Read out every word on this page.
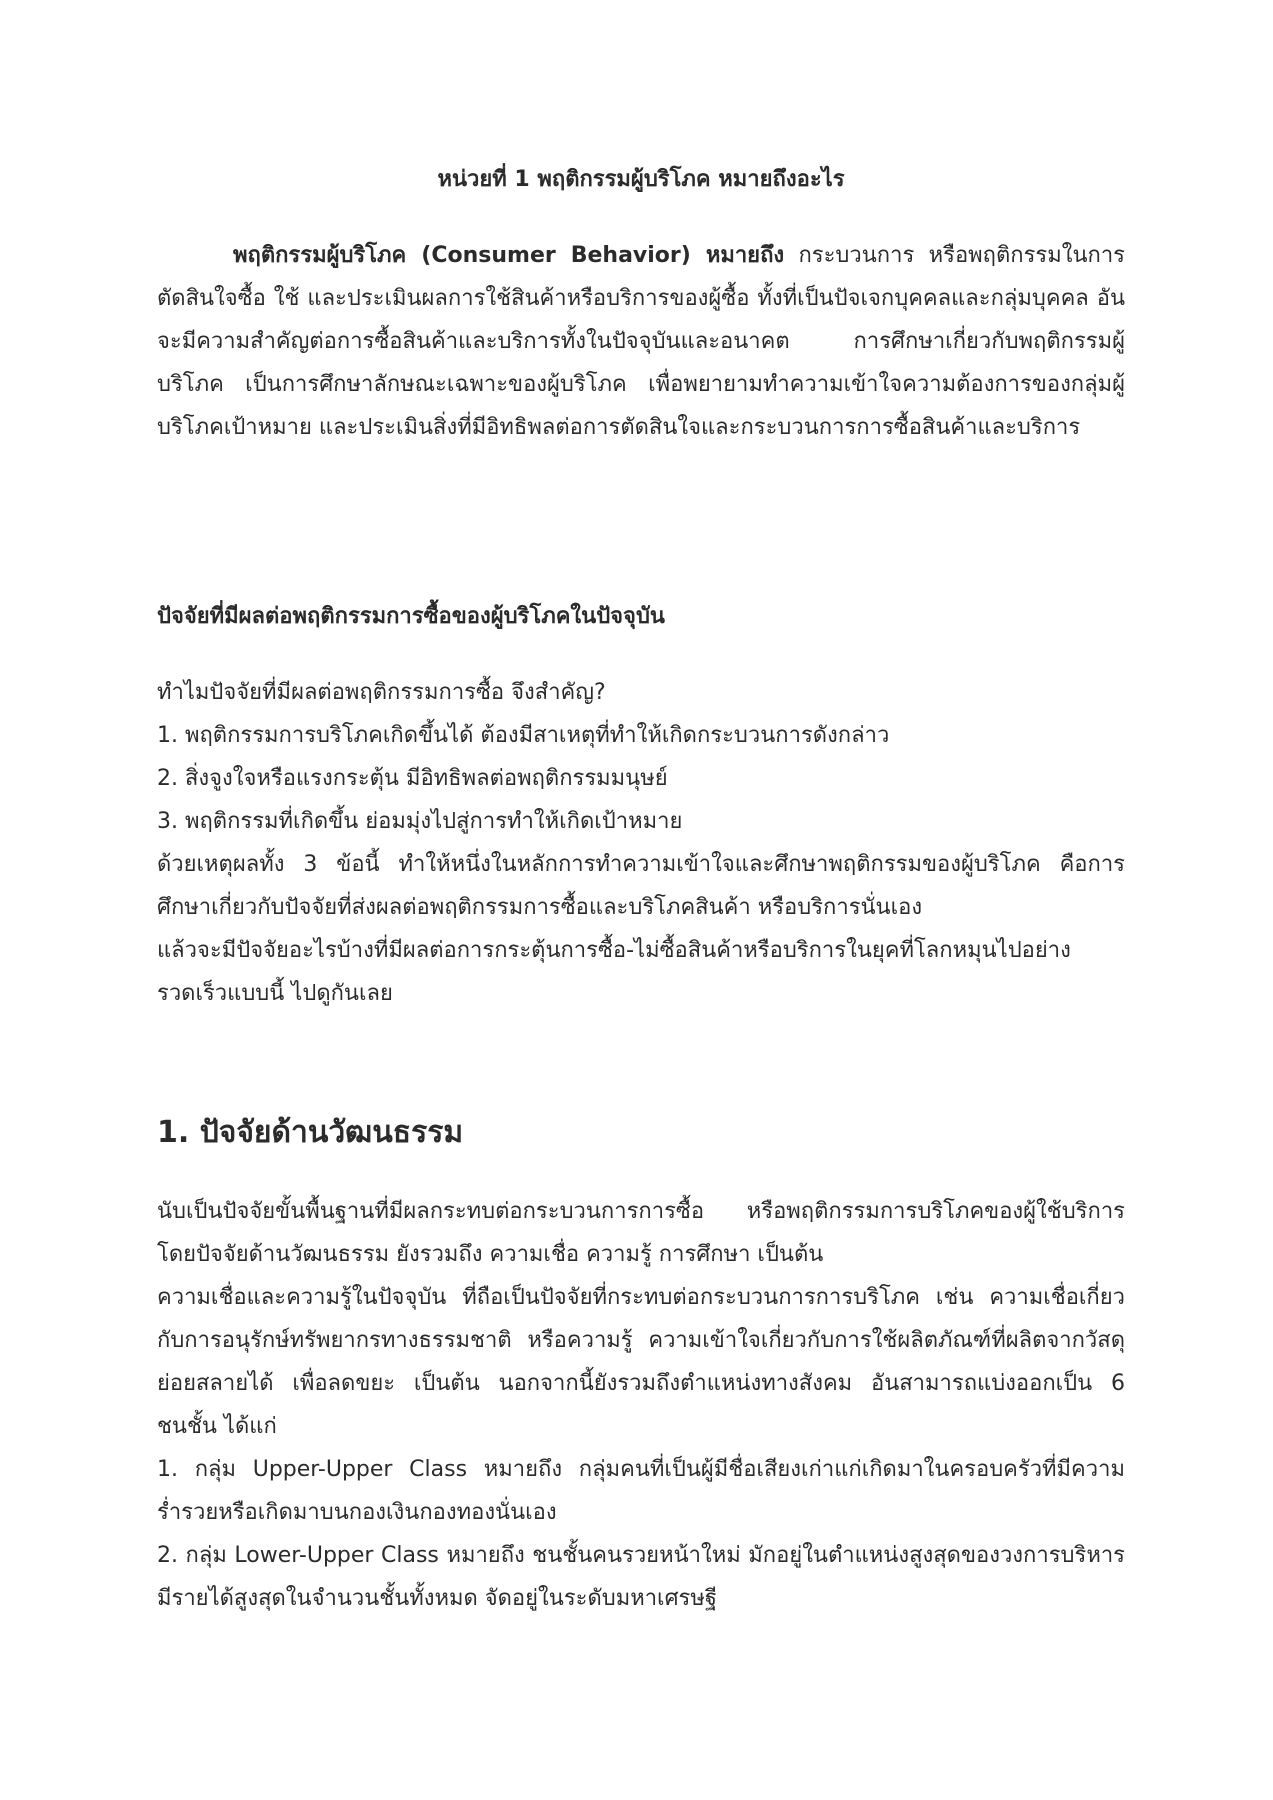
หน่วยที่ 1 พฤติกรรมผู้บริโภค หมายถึงอะไร

พฤติกรรมผู้บริโภค (Consumer Behavior) หมายถึง กระบวนการ หรือพฤติกรรมในการตัดสินใจซื้อ ใช้ และประเมินผลการใช้สินค้าหรือบริการของผู้ซื้อ ทั้งที่เป็นปัจเจกบุคคลและกลุ่มบุคคล อันจะมีความสำคัญต่อการซื้อสินค้าและบริการทั้งในปัจจุบันและอนาคต การศึกษาเกี่ยวกับพฤติกรรมผู้บริโภค เป็นการศึกษาลักษณะเฉพาะของผู้บริโภค เพื่อพยายามทำความเข้าใจความต้องการของกลุ่มผู้บริโภคเป้าหมาย และประเมินสิ่งที่มีอิทธิพลต่อการตัดสินใจและกระบวนการการซื้อสินค้าและบริการ

ปัจจัยที่มีผลต่อพฤติกรรมการซื้อของผู้บริโภคในปัจจุบัน

ทำไมปัจจัยที่มีผลต่อพฤติกรรมการซื้อ จึงสำคัญ?

1. พฤติกรรมการบริโภคเกิดขึ้นได้ ต้องมีสาเหตุที่ทำให้เกิดกระบวนการดังกล่าว

2. สิ่งจูงใจหรือแรงกระตุ้น มีอิทธิพลต่อพฤติกรรมมนุษย์

3. พฤติกรรมที่เกิดขึ้น ย่อมมุ่งไปสู่การทำให้เกิดเป้าหมาย

ด้วยเหตุผลทั้ง 3 ข้อนี้ ทำให้หนึ่งในหลักการทำความเข้าใจและศึกษาพฤติกรรมของผู้บริโภค คือการศึกษาเกี่ยวกับปัจจัยที่ส่งผลต่อพฤติกรรมการซื้อและบริโภคสินค้า หรือบริการนั่นเอง

แล้วจะมีปัจจัยอะไรบ้างที่มีผลต่อการกระตุ้นการซื้อ-ไม่ซื้อสินค้าหรือบริการในยุคที่โลกหมุนไปอย่างรวดเร็วแบบนี้ ไปดูกันเลย

1. ปัจจัยด้านวัฒนธรรม

นับเป็นปัจจัยขั้นพื้นฐานที่มีผลกระทบต่อกระบวนการการซื้อ หรือพฤติกรรมการบริโภคของผู้ใช้บริการ โดยปัจจัยด้านวัฒนธรรม ยังรวมถึง ความเชื่อ ความรู้ การศึกษา เป็นต้น

ความเชื่อและความรู้ในปัจจุบัน ที่ถือเป็นปัจจัยที่กระทบต่อกระบวนการการบริโภค เช่น ความเชื่อเกี่ยวกับการอนุรักษ์ทรัพยากรทางธรรมชาติ หรือความรู้ ความเข้าใจเกี่ยวกับการใช้ผลิตภัณฑ์ที่ผลิตจากวัสดุย่อยสลายได้ เพื่อลดขยะ เป็นต้น นอกจากนี้ยังรวมถึงตำแหน่งทางสังคม อันสามารถแบ่งออกเป็น 6 ชนชั้น ได้แก่

1. กลุ่ม Upper-Upper Class หมายถึง กลุ่มคนที่เป็นผู้มีชื่อเสียงเก่าแก่เกิดมาในครอบครัวที่มีความร่ำรวยหรือเกิดมาบนกองเงินกองทองนั่นเอง

2. กลุ่ม Lower-Upper Class หมายถึง ชนชั้นคนรวยหน้าใหม่ มักอยู่ในตำแหน่งสูงสุดของวงการบริหาร มีรายได้สูงสุดในจำนวนชั้นทั้งหมด จัดอยู่ในระดับมหาเศรษฐี
